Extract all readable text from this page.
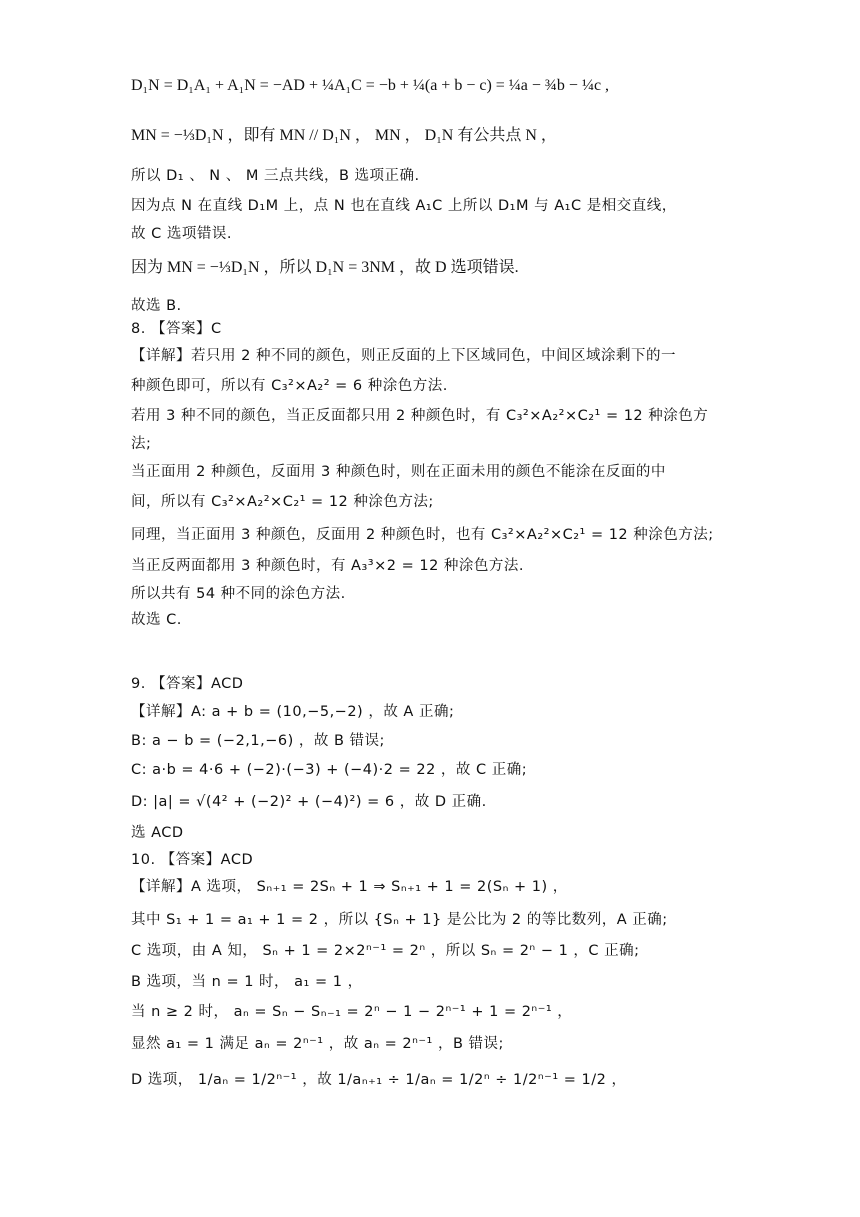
D₁N = D₁A₁ + A₁N = −AD + ¼A₁C = −b + ¼(a + b − c) = ¼a − ¾b − ¼c ,
MN = −⅓D₁N ，即有 MN // D₁N ， MN ， D₁N 有公共点 N ，
所以 D₁ 、 N 、 M 三点共线，B 选项正确.
因为点 N 在直线 D₁M 上，点 N 也在直线 A₁C 上所以 D₁M 与 A₁C 是相交直线，
故 C 选项错误.
因为 MN = −⅓D₁N ，所以 D₁N = 3NM ，故 D 选项错误.
故选 B.
8. 【答案】C
【详解】若只用 2 种不同的颜色，则正反面的上下区域同色，中间区域涂剩下的一
种颜色即可，所以有 C₃²×A₂² = 6 种涂色方法.
若用 3 种不同的颜色，当正反面都只用 2 种颜色时，有 C₃²×A₂²×C₂¹ = 12 种涂色方
法;
当正面用 2 种颜色，反面用 3 种颜色时，则在正面未用的颜色不能涂在反面的中
间，所以有 C₃²×A₂²×C₂¹ = 12 种涂色方法;
同理，当正面用 3 种颜色，反面用 2 种颜色时，也有 C₃²×A₂²×C₂¹ = 12 种涂色方法;
当正反两面都用 3 种颜色时，有 A₃³×2 = 12 种涂色方法.
所以共有 54 种不同的涂色方法.
故选 C.
9. 【答案】ACD
【详解】A: a + b = (10,−5,−2) ，故 A 正确;
B: a − b = (−2,1,−6) ，故 B 错误;
C: a·b = 4·6 + (−2)·(−3) + (−4)·2 = 22 ，故 C 正确;
D: |a| = √(4² + (−2)² + (−4)²) = 6 ，故 D 正确.
选 ACD
10. 【答案】ACD
【详解】A 选项， Sₙ₊₁ = 2Sₙ + 1 ⇒ Sₙ₊₁ + 1 = 2(Sₙ + 1) ，
其中 S₁ + 1 = a₁ + 1 = 2 ，所以 {Sₙ + 1} 是公比为 2 的等比数列，A 正确;
C 选项，由 A 知， Sₙ + 1 = 2×2ⁿ⁻¹ = 2ⁿ ，所以 Sₙ = 2ⁿ − 1 ，C 正确;
B 选项，当 n = 1 时， a₁ = 1 ，
当 n ≥ 2 时， aₙ = Sₙ − Sₙ₋₁ = 2ⁿ − 1 − 2ⁿ⁻¹ + 1 = 2ⁿ⁻¹ ，
显然 a₁ = 1 满足 aₙ = 2ⁿ⁻¹ ，故 aₙ = 2ⁿ⁻¹ ，B 错误;
D 选项， 1/aₙ = 1/2ⁿ⁻¹ ，故 1/aₙ₊₁ ÷ 1/aₙ = 1/2ⁿ ÷ 1/2ⁿ⁻¹ = 1/2 ，
